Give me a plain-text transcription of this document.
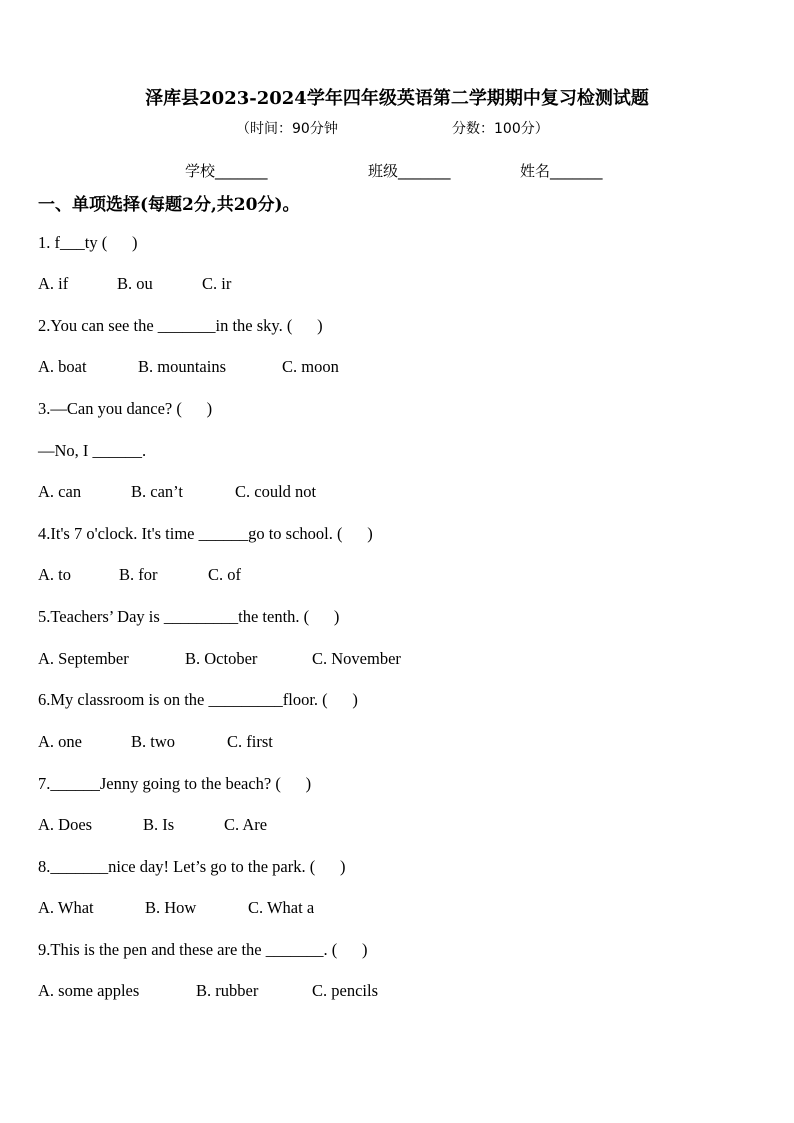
泽库县2023-2024学年四年级英语第二学期期中复习检测试题
（时间：90分钟	分数：100分）
学校_______	班级_______	姓名_______
一、单项选择(每题2分,共20分)。
1. f___ty (      )
A. if	B. ou	C. ir
2.You can see the _______in the sky. (      )
A. boat	B. mountains	C. moon
3.—Can you dance? (      )
—No, I ______.
A. can	B. can’t	C. could not
4.It's 7 o'clock. It's time ______go to school. (      )
A. to	B. for	C. of
5.Teachers’ Day is _________the tenth. (      )
A. September	B. October	C. November
6.My classroom is on the _________floor. (      )
A. one	B. two	C. first
7.______Jenny going to the beach? (      )
A. Does	B. Is	C. Are
8._______nice day! Let’s go to the park. (      )
A. What	B. How	C. What a
9.This is the pen and these are the _______. (      )
A. some apples	B. rubber	C. pencils
